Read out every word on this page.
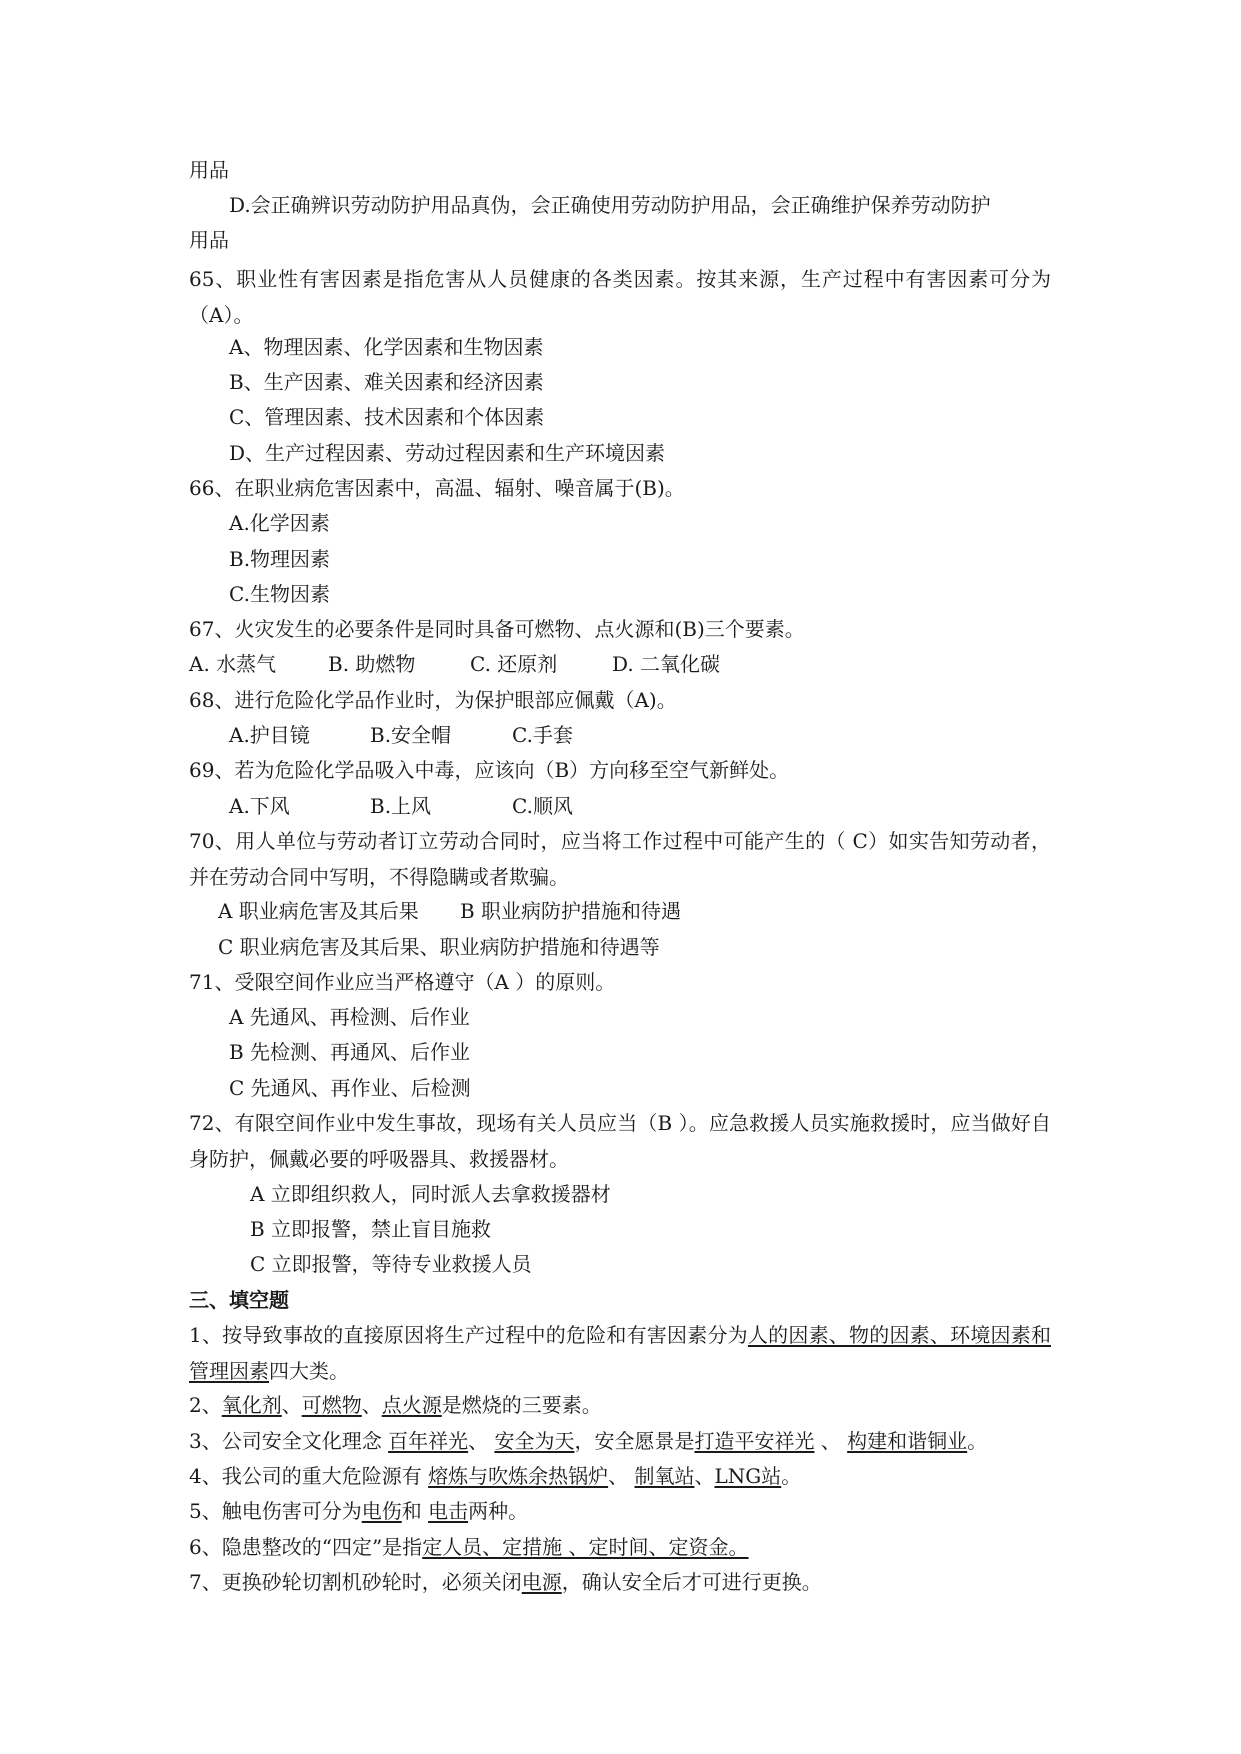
用品
D.会正确辨识劳动防护用品真伪，会正确使用劳动防护用品，会正确维护保养劳动防护
用品
65、职业性有害因素是指危害从人员健康的各类因素。按其来源，生产过程中有害因素可分为（A）。
A、物理因素、化学因素和生物因素
B、生产因素、难关因素和经济因素
C、管理因素、技术因素和个体因素
D、生产过程因素、劳动过程因素和生产环境因素
66、在职业病危害因素中，高温、辐射、噪音属于(B)。
A.化学因素
B.物理因素
C.生物因素
67、火灾发生的必要条件是同时具备可燃物、点火源和(B)三个要素。
A. 水蒸气	B. 助燃物	C. 还原剂	D. 二氧化碳
68、进行危险化学品作业时，为保护眼部应佩戴（A)。
A.护目镜	B.安全帽	C.手套
69、若为危险化学品吸入中毒，应该向（B）方向移至空气新鲜处。
A.下风	B.上风	C.顺风
70、用人单位与劳动者订立劳动合同时，应当将工作过程中可能产生的（ C）如实告知劳动者，并在劳动合同中写明，不得隐瞒或者欺骗。
A 职业病危害及其后果 B 职业病防护措施和待遇
C 职业病危害及其后果、职业病防护措施和待遇等
71、受限空间作业应当严格遵守（A ）的原则。
A 先通风、再检测、后作业
B 先检测、再通风、后作业
C 先通风、再作业、后检测
72、有限空间作业中发生事故，现场有关人员应当（B ）。应急救援人员实施救援时，应当做好自身防护，佩戴必要的呼吸器具、救援器材。
A 立即组织救人，同时派人去拿救援器材
B 立即报警，禁止盲目施救
C 立即报警，等待专业救援人员
三、填空题
1、按导致事故的直接原因将生产过程中的危险和有害因素分为人的因素、物的因素、环境因素和管理因素四大类。
2、氧化剂、可燃物、点火源是燃烧的三要素。
3、公司安全文化理念 百年祥光、 安全为天，安全愿景是打造平安祥光 、 构建和谐铜业。
4、我公司的重大危险源有 熔炼与吹炼余热锅炉、 制氧站、LNG站。
5、触电伤害可分为电伤和 电击两种。
6、隐患整改的“四定”是指定人员、定措施 、定时间、定资金。
7、更换砂轮切割机砂轮时，必须关闭电源，确认安全后才可进行更换。
